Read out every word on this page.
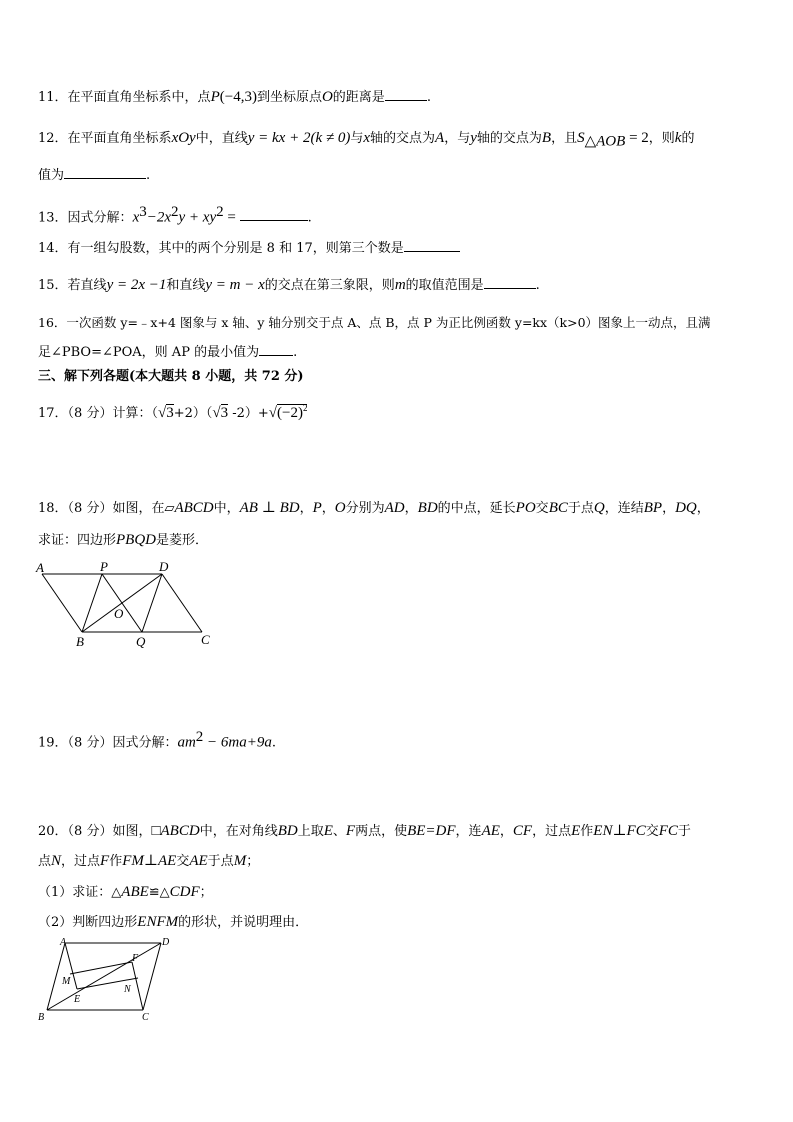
11．在平面直角坐标系中，点P(−4,3)到坐标原点O的距离是	.
12．在平面直角坐标系xOy中，直线y = kx + 2(k ≠ 0)与x轴的交点为A，与y轴的交点为B，且$S_{\triangle AOB} = 2$，则k的
值为	.
13．因式分解：$x^3-2x^2y + xy^2$ =	.
14．有一组勾股数，其中的两个分别是 8 和 17，则第三个数是
15．若直线y = 2x −1和直线y = m − x的交点在第三象限，则m的取值范围是	.
16．一次函数 y=﹣x+4 图象与 x 轴、y 轴分别交于点 A、点 B，点 P 为正比例函数 y=kx（k>0）图象上一动点，且满
足∠PBO=∠POA，则 AP 的最小值为	.
三、解下列各题(本大题共 8 小题，共 72 分)
17．（8 分）计算：（√3+2）（√3 $-2)+√(-2)^2$
18．（8 分）如图，在▱ABCD中，AB ⊥ BD，P，O分别为AD，BD的中点，延长PO交BC于点Q，连结BP，DQ，
求证：四边形PBQD是菱形．
A	P	D
O
B	Q	C
19．（8 分）因式分解：$am^2 - 6ma+9a$.
20．（8 分）如图，□ABCD中，在对角线BD上取E、F两点，使BE=DF，连AE，CF，过点E作EN⊥FC交FC于
点N，过点F作FM⊥AE交AE于点M；
（1）求证：△ABE≌△CDF；
（2）判断四边形ENFM的形状，并说明理由．
A	D
F
M
N
E
B	C
